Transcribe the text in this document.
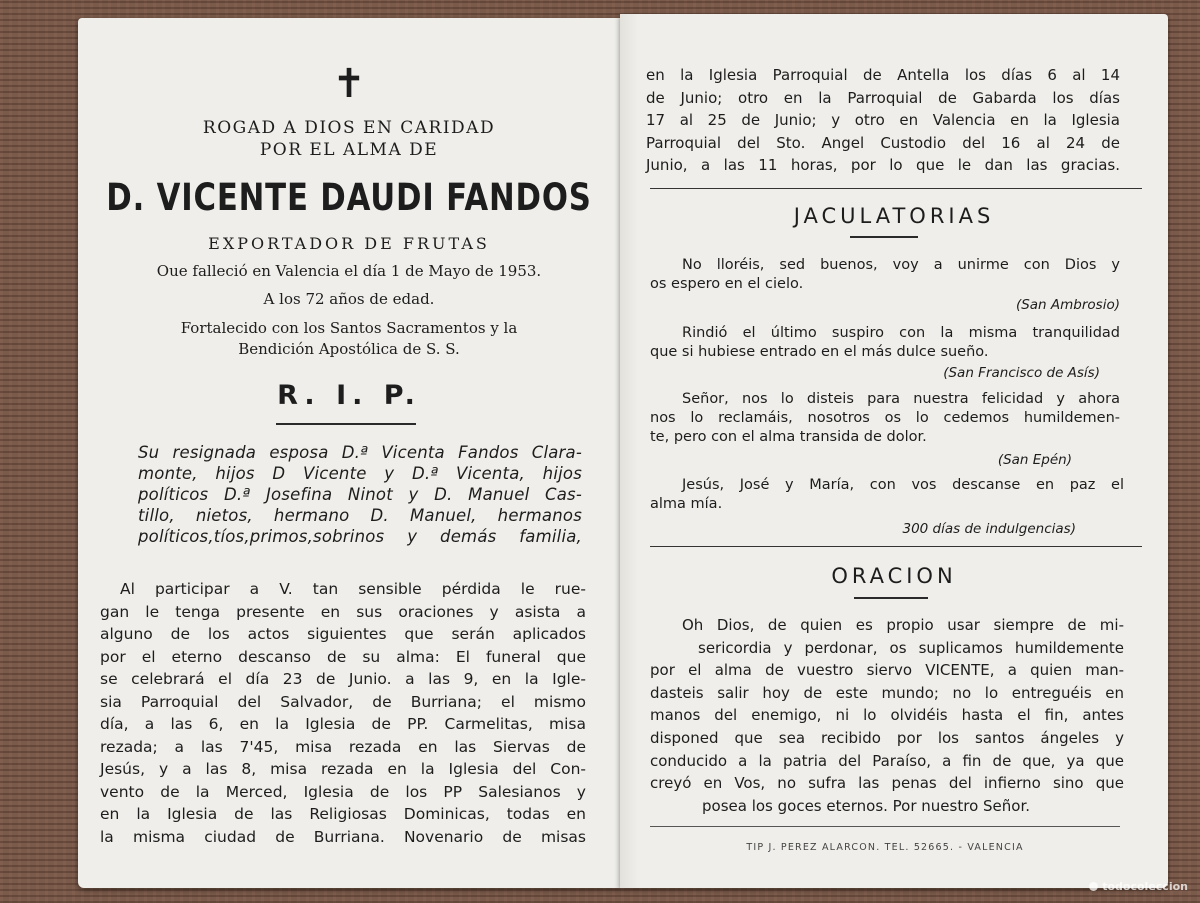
✝
ROGAD A DIOS EN CARIDAD
POR EL ALMA DE
D. VICENTE DAUDI FANDOS
EXPORTADOR DE FRUTAS
Oue falleció en Valencia el día 1 de Mayo de 1953.
A los 72 años de edad.
Fortalecido con los Santos Sacramentos y la
Bendición Apostólica de S. S.
R. I. P.
Su resignada esposa D.ª Vicenta Fandos Clara-
monte, hijos D Vicente y D.ª Vicenta, hijos
políticos D.ª Josefina Ninot y D. Manuel Cas-
tillo, nietos, hermano D. Manuel, hermanos
políticos,tíos,primos,sobrinos y demás familia,
Al participar a V. tan sensible pérdida le rue-
gan le tenga presente en sus oraciones y asista a
alguno de los actos siguientes que serán aplicados
por el eterno descanso de su alma: El funeral que
se celebrará el día 23 de Junio. a las 9, en la Igle-
sia Parroquial del Salvador, de Burriana; el mismo
día, a las 6, en la Iglesia de PP. Carmelitas, misa
rezada; a las 7'45, misa rezada en las Siervas de
Jesús, y a las 8, misa rezada en la Iglesia del Con-
vento de la Merced, Iglesia de los PP Salesianos y
en la Iglesia de las Religiosas Dominicas, todas en
la misma ciudad de Burriana. Novenario de misas
en la Iglesia Parroquial de Antella los días 6 al 14
de Junio; otro en la Parroquial de Gabarda los días
17 al 25 de Junio; y otro en Valencia en la Iglesia
Parroquial del Sto. Angel Custodio del 16 al 24 de
Junio, a las 11 horas, por lo que le dan las gracias.
JACULATORIAS
No lloréis, sed buenos, voy a unirme con Dios y
os espero en el cielo.
(San Ambrosio)
Rindió el último suspiro con la misma tranquilidad
que si hubiese entrado en el más dulce sueño.
(San Francisco de Asís)
Señor, nos lo disteis para nuestra felicidad y ahora
nos lo reclamáis, nosotros os lo cedemos humildemen-
te, pero con el alma transida de dolor.
(San Epén)
Jesús, José y María, con vos descanse en paz el
alma mía.
300 días de indulgencias)
ORACION
Oh Dios, de quien es propio usar siempre de mi-
sericordia y perdonar, os suplicamos humildemente
por el alma de vuestro siervo VICENTE, a quien man-
dasteis salir hoy de este mundo; no lo entreguéis en
manos del enemigo, ni lo olvidéis hasta el fin, antes
disponed que sea recibido por los santos ángeles y
conducido a la patria del Paraíso, a fin de que, ya que
creyó en Vos, no sufra las penas del infierno sino que
posea los goces eternos. Por nuestro Señor.
TIP J. PEREZ ALARCON. TEL. 52665. - VALENCIA
todocoleccion
